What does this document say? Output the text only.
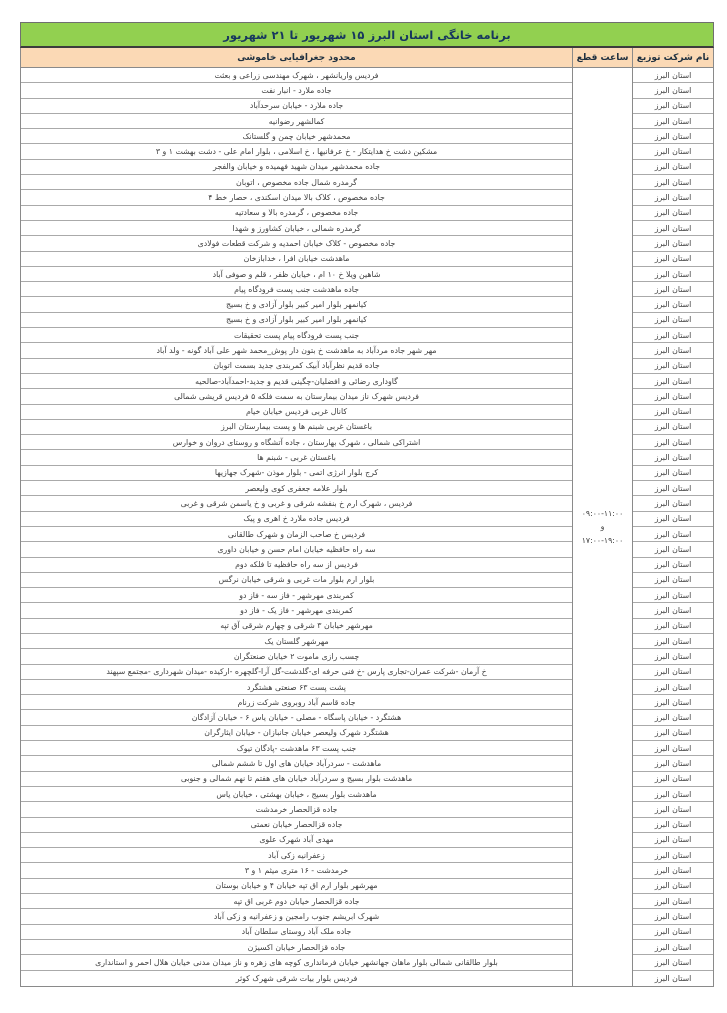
برنامه خانگی استان البرز ۱۵ شهریور تا ۲۱ شهریور
نام شرکت توزیع
ساعت قطع
محدود جغرافیایی خاموشی
استان البرز
استان البرز
استان البرز
استان البرز
استان البرز
استان البرز
استان البرز
استان البرز
استان البرز
استان البرز
استان البرز
استان البرز
استان البرز
استان البرز
استان البرز
استان البرز
استان البرز
استان البرز
استان البرز
استان البرز
استان البرز
استان البرز
استان البرز
استان البرز
استان البرز
استان البرز
استان البرز
استان البرز
استان البرز
استان البرز
استان البرز
استان البرز
استان البرز
استان البرز
استان البرز
استان البرز
استان البرز
استان البرز
استان البرز
استان البرز
استان البرز
استان البرز
استان البرز
استان البرز
استان البرز
استان البرز
استان البرز
استان البرز
استان البرز
استان البرز
استان البرز
استان البرز
استان البرز
استان البرز
استان البرز
استان البرز
استان البرز
استان البرز
استان البرز
استان البرز
۰۹:۰۰-۱۱:۰۰
و
۱۷:۰۰-۱۹:۰۰
فردیس واریانشهر ، شهرک مهندسی زراعی و بعثت
جاده ملارد - انبار نفت
جاده ملارد - خیابان سرحدآباد
کمالشهر رضوانیه
محمدشهر خیابان چمن و گلستانک
مشکین دشت خ هدایتکار - خ عرفانیها ، خ اسلامی ، بلوار امام علی - دشت بهشت ۱ و ۳
جاده محمدشهر میدان شهید فهمیده و خیابان والفجر
گرمدره شمال جاده مخصوص ، اتوبان
جاده مخصوص ، کلاک بالا میدان اسکندی ، حصار خط ۴
جاده مخصوص ، گرمدره بالا و سعادتیه
گرمدره شمالی ، خیابان کشاورز و شهدا
جاده مخصوص - کلاک خیابان احمدیه و شرکت قطعات فولادی
ماهدشت خیابان افرا ، خدابازخان
شاهین ویلا خ ۱۰ ام ، خیابان ظفر ، قلم و صوفی آباد
جاده ماهدشت جنب پست فرودگاه پیام
کیانمهر بلوار امیر کبیر بلوار آزادی و خ بسیج
کیانمهر بلوار امیر کبیر بلوار آزادی و خ بسیج
جنب پست فرودگاه پیام پست تحقیقات
مهر شهر جاده مردآباد به ماهدشت خ بتون دار پوش_محمد شهر علی آباد گونه - ولد آباد
جاده قدیم نظرآباد آبیک کمربندی جدید بسمت اتوبان
گاوداری رضائی و افضلیان-چگینی قدیم و جدید-احمدآباد-صالحیه
فردیس شهرک ناز میدان بیمارستان به سمت فلکه ۵ فردیس قریشی شمالی
کانال غربی فردیس خیابان خیام
باغستان غربی شبنم ها و پست بیمارستان البرز
اشتراکی شمالی ، شهرک بهارستان ، جاده آتشگاه و روستای دروان و خوارس
باغستان غربی - شبنم ها
کرج بلوار انرژی اتمی - بلوار موذن -شهرک جهازیها
بلوار علامه جعفری کوی ولیعصر
فردیس ، شهرک ارم خ بنفشه شرقی و غربی و خ یاسمن شرقی و غربی
فردیس جاده ملارد خ اهری و پیک
فردیس خ صاحب الزمان و شهرک طالقانی
سه راه حافظیه خیابان امام حسن و خیابان داوری
فردیس از سه راه حافظیه تا فلکه دوم
بلوار ارم بلوار مات غربی و شرقی خیابان نرگس
کمربندی مهرشهر - فاز سه - فاز دو
کمربندی مهرشهر - فاز یک - فاز دو
مهرشهر خیابان ۳ شرقی و چهارم شرقی آق تپه
مهرشهر گلستان یک
چسب رازی ماموت ۲ خیابان صنعتگران
خ آرمان -شرکت عمران-تجاری پارس -خ فنی حرفه ای-گلدشت-گل آرا-گلچهره -ارکیده -میدان شهرداری -مجتمع سپهند
پشت پست ۶۳ صنعتی هشتگرد
جاده قاسم آباد روبروی شرکت زرنام
هشتگرد - خیابان پاسگاه - مصلی - خیابان یاس ۶ - خیابان آزادگان
هشتگرد شهرک ولیعصر خیابان جانبازان - خیابان ایثارگران
جنب پست ۶۳ ماهدشت -پادگان تیوک
ماهدشت - سردرآباد خیابان های اول تا ششم شمالی
ماهدشت بلوار بسیج و سردرآباد خیابان های هفتم تا نهم شمالی و جنوبی
ماهدشت بلوار بسیج ، خیابان بهشتی ، خیابان یاس
جاده قزالحصار خرمدشت
جاده قزالحصار خیابان نعمتی
مهدی آباد شهرک علوی
زعفرانیه زکی آباد
خرمدشت - ۱۶ متری میثم ۱ و ۳
مهرشهر بلوار ارم اق تپه خیابان ۴ و خیابان بوستان
جاده قزالحصار خیابان دوم غربی اق تپه
شهرک ابریشم جنوب رامجین و زعفرانیه و زکی آباد
جاده ملک آباد روستای سلطان آباد
جاده قزالحصار خیابان اکسیژن
بلوار طالقانی شمالی بلوار ماهان جهانشهر خیابان فرمانداری کوچه های زهره و ناز میدان مدنی خیابان هلال احمر و استانداری
فردیس بلوار بیات شرقی شهرک کوثر
